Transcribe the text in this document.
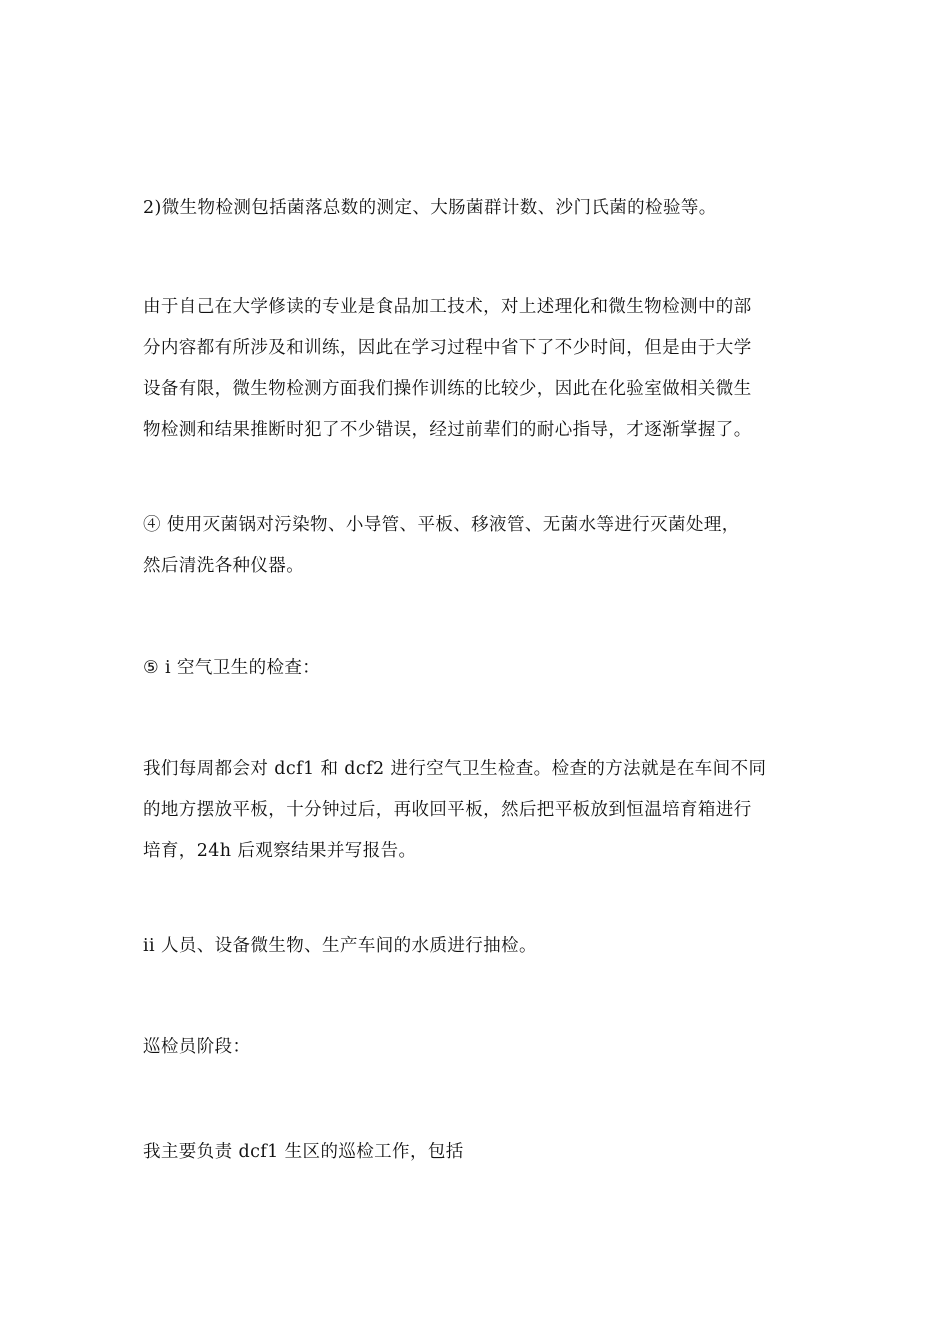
2)微生物检测包括菌落总数的测定、大肠菌群计数、沙门氏菌的检验等。

由于自己在大学修读的专业是食品加工技术，对上述理化和微生物检测中的部
分内容都有所涉及和训练，因此在学习过程中省下了不少时间，但是由于大学
设备有限，微生物检测方面我们操作训练的比较少，因此在化验室做相关微生
物检测和结果推断时犯了不少错误，经过前辈们的耐心指导，才逐渐掌握了。

④ 使用灭菌锅对污染物、小导管、平板、移液管、无菌水等进行灭菌处理，
然后清洗各种仪器。

⑤ i 空气卫生的检查：

我们每周都会对 dcf1 和 dcf2 进行空气卫生检查。检查的方法就是在车间不同
的地方摆放平板，十分钟过后，再收回平板，然后把平板放到恒温培育箱进行
培育，24h 后观察结果并写报告。

ii 人员、设备微生物、生产车间的水质进行抽检。

巡检员阶段：

我主要负责 dcf1 生区的巡检工作，包括
